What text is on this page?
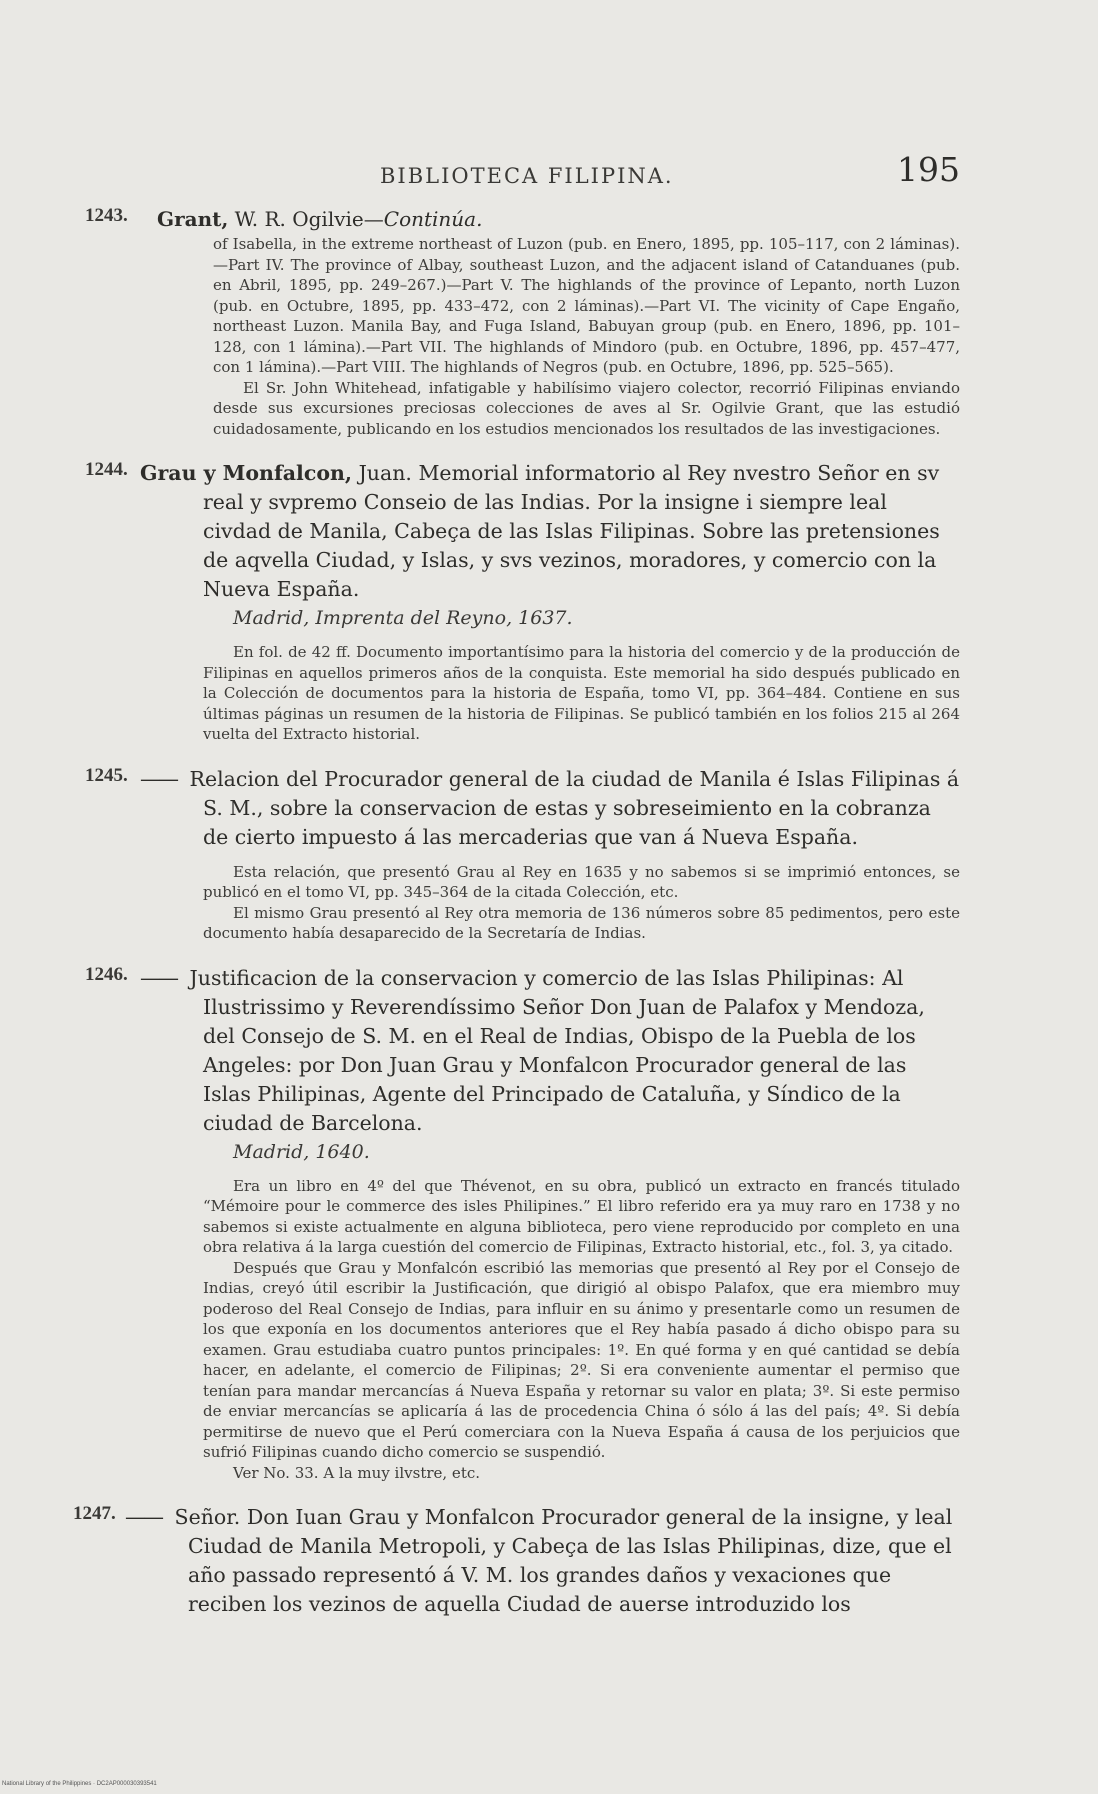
BIBLIOTECA FILIPINA.	195
1243.	Grant, W. R. Ogilvie—Continúa.
of Isabella, in the extreme northeast of Luzon (pub. en Enero, 1895, pp. 105–117, con 2 láminas).—Part IV. The province of Albay, southeast Luzon, and the adjacent island of Catanduanes (pub. en Abril, 1895, pp. 249–267.)—Part V. The highlands of the province of Lepanto, north Luzon (pub. en Octubre, 1895, pp. 433–472, con 2 láminas).—Part VI. The vicinity of Cape Engaño, northeast Luzon. Manila Bay, and Fuga Island, Babuyan group (pub. en Enero, 1896, pp. 101–128, con 1 lámina).—Part VII. The highlands of Mindoro (pub. en Octubre, 1896, pp. 457–477, con 1 lámina).—Part VIII. The highlands of Negros (pub. en Octubre, 1896, pp. 525–565).
El Sr. John Whitehead, infatigable y habilísimo viajero colector, recorrió Filipinas enviando desde sus excursiones preciosas colecciones de aves al Sr. Ogilvie Grant, que las estudió cuidadosamente, publicando en los estudios mencionados los resultados de las investigaciones.
1244. Grau y Monfalcon, Juan. Memorial informatorio al Rey nvestro Señor en sv real y svpremo Conseio de las Indias. Por la insigne i siempre leal civdad de Manila, Cabeça de las Islas Filipinas. Sobre las pretensiones de aqvella Ciudad, y Islas, y svs vezinos, moradores, y comercio con la Nueva España.
Madrid, Imprenta del Reyno, 1637.
En fol. de 42 ff. Documento importantísimo para la historia del comercio y de la producción de Filipinas en aquellos primeros años de la conquista. Este memorial ha sido después publicado en la Colección de documentos para la historia de España, tomo VI, pp. 364–484. Contiene en sus últimas páginas un resumen de la historia de Filipinas. Se publicó también en los folios 215 al 264 vuelta del Extracto historial.
1245. —— Relacion del Procurador general de la ciudad de Manila é Islas Filipinas á S. M., sobre la conservacion de estas y sobreseimiento en la cobranza de cierto impuesto á las mercaderias que van á Nueva España.
Esta relación, que presentó Grau al Rey en 1635 y no sabemos si se imprimió entonces, se publicó en el tomo VI, pp. 345–364 de la citada Colección, etc.
El mismo Grau presentó al Rey otra memoria de 136 números sobre 85 pedimentos, pero este documento había desaparecido de la Secretaría de Indias.
1246. —— Justificacion de la conservacion y comercio de las Islas Philipinas: Al Ilustrissimo y Reverendíssimo Señor Don Juan de Palafox y Mendoza, del Consejo de S. M. en el Real de Indias, Obispo de la Puebla de los Angeles: por Don Juan Grau y Monfalcon Procurador general de las Islas Philipinas, Agente del Principado de Cataluña, y Síndico de la ciudad de Barcelona.
Madrid, 1640.
Era un libro en 4º del que Thévenot, en su obra, publicó un extracto en francés titulado “Mémoire pour le commerce des isles Philipines.” El libro referido era ya muy raro en 1738 y no sabemos si existe actualmente en alguna biblioteca, pero viene reproducido por completo en una obra relativa á la larga cuestión del comercio de Filipinas, Extracto historial, etc., fol. 3, ya citado.
Después que Grau y Monfalcón escribió las memorias que presentó al Rey por el Consejo de Indias, creyó útil escribir la Justificación, que dirigió al obispo Palafox, que era miembro muy poderoso del Real Consejo de Indias, para influir en su ánimo y presentarle como un resumen de los que exponía en los documentos anteriores que el Rey había pasado á dicho obispo para su examen. Grau estudiaba cuatro puntos principales: 1º. En qué forma y en qué cantidad se debía hacer, en adelante, el comercio de Filipinas; 2º. Si era conveniente aumentar el permiso que tenían para mandar mercancías á Nueva España y retornar su valor en plata; 3º. Si este permiso de enviar mercancías se aplicaría á las de procedencia China ó sólo á las del país; 4º. Si debía permitirse de nuevo que el Perú comerciara con la Nueva España á causa de los perjuicios que sufrió Filipinas cuando dicho comercio se suspendió.
Ver No. 33. A la muy ilvstre, etc.
1247. —— Señor. Don Iuan Grau y Monfalcon Procurador general de la insigne, y leal Ciudad de Manila Metropoli, y Cabeça de las Islas Philipinas, dize, que el año passado representó á V. M. los grandes daños y vexaciones que reciben los vezinos de aquella Ciudad de auerse introduzido los
National Library of the Philippines · DC2AP000030393541
